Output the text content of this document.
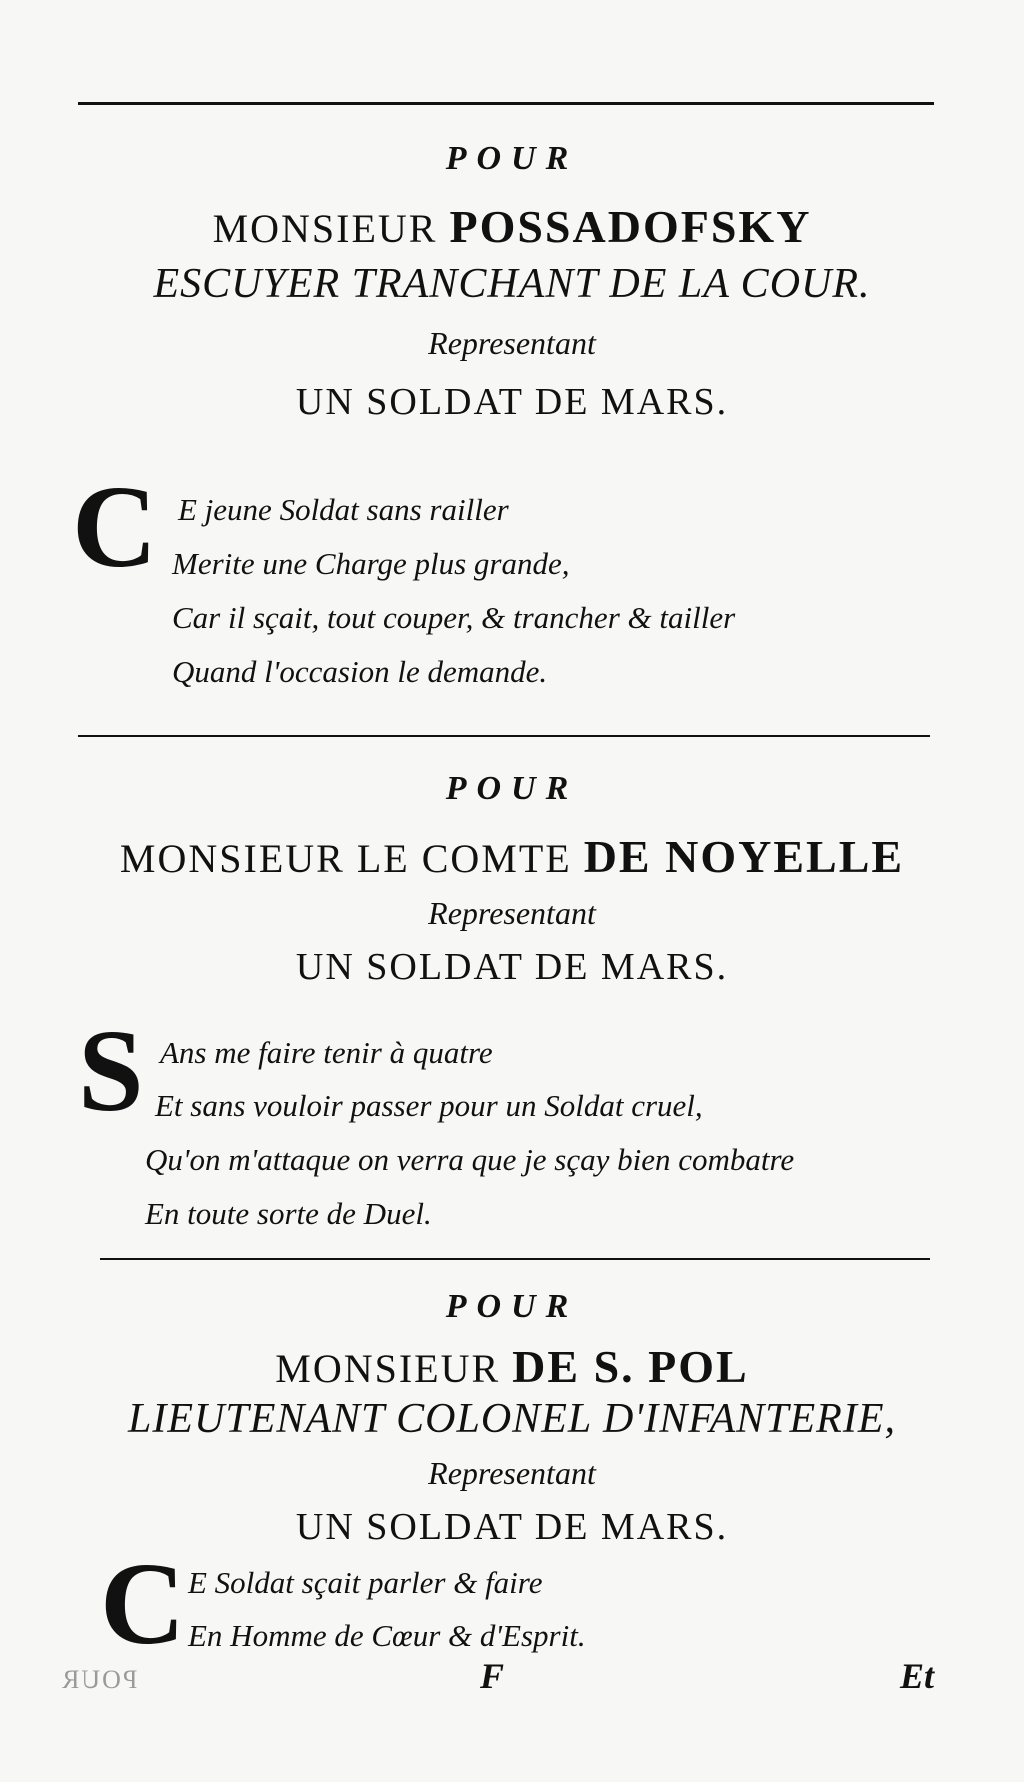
POUR
MONSIEUR POSSADOFSKY
ESCUYER TRANCHANT DE LA COUR.
Representant
UN SOLDAT DE MARS.
C E jeune Soldat sans railler
Merite une Charge plus grande,
Car il sçait, tout couper, & trancher & tailler
Quand l'occasion le demande.
POUR
MONSIEUR LE COMTE DE NOYELLE
Representant
UN SOLDAT DE MARS.
S Ans me faire tenir à quatre
Et sans vouloir passer pour un Soldat cruel,
Qu'on m'attaque on verra que je sçay bien combatre
En toute sorte de Duel.
POUR
MONSIEUR DE S. POL
LIEUTENANT COLONEL D'INFANTERIE,
Representant
UN SOLDAT DE MARS.
C E Soldat sçait parler & faire
En Homme de Cœur & d'Esprit.
POUR	F	Et
